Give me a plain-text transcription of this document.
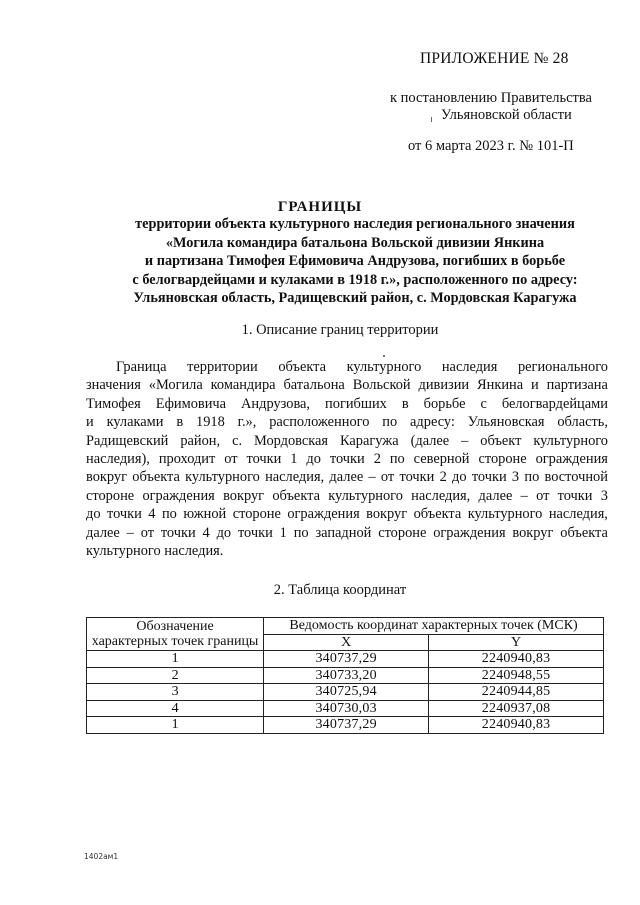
ПРИЛОЖЕНИЕ № 28
к постановлению Правительства
Ульяновской области
от 6 марта 2023 г. № 101-П
ГРАНИЦЫ
территории объекта культурного наследия регионального значения
«Могила командира батальона Вольской дивизии Янкина
и партизана Тимофея Ефимовича Андрузова, погибших в борьбе
с белогвардейцами и кулаками в 1918 г.», расположенного по адресу:
Ульяновская область, Радищевский район, с. Мордовская Карагужа
1. Описание границ территории
Граница территории объекта культурного наследия регионального
значения «Могила командира батальона Вольской дивизии Янкина и партизана
Тимофея Ефимовича Андрузова, погибших в борьбе с белогвардейцами
и кулаками в 1918 г.», расположенного по адресу: Ульяновская область,
Радищевский район, с. Мордовская Карагужа (далее – объект культурного
наследия), проходит от точки 1 до точки 2 по северной стороне ограждения
вокруг объекта культурного наследия, далее – от точки 2 до точки 3 по восточной
стороне ограждения вокруг объекта культурного наследия, далее – от точки 3
до точки 4 по южной стороне ограждения вокруг объекта культурного наследия,
далее – от точки 4 до точки 1 по западной стороне ограждения вокруг объекта
культурного наследия.
2. Таблица координат
Обозначение
характерных точек границы	Ведомость координат характерных точек (МСК)	
	X	Y
1	340737,29	2240940,83
2	340733,20	2240948,55
3	340725,94	2240944,85
4	340730,03	2240937,08
1	340737,29	2240940,83
1402ам1
